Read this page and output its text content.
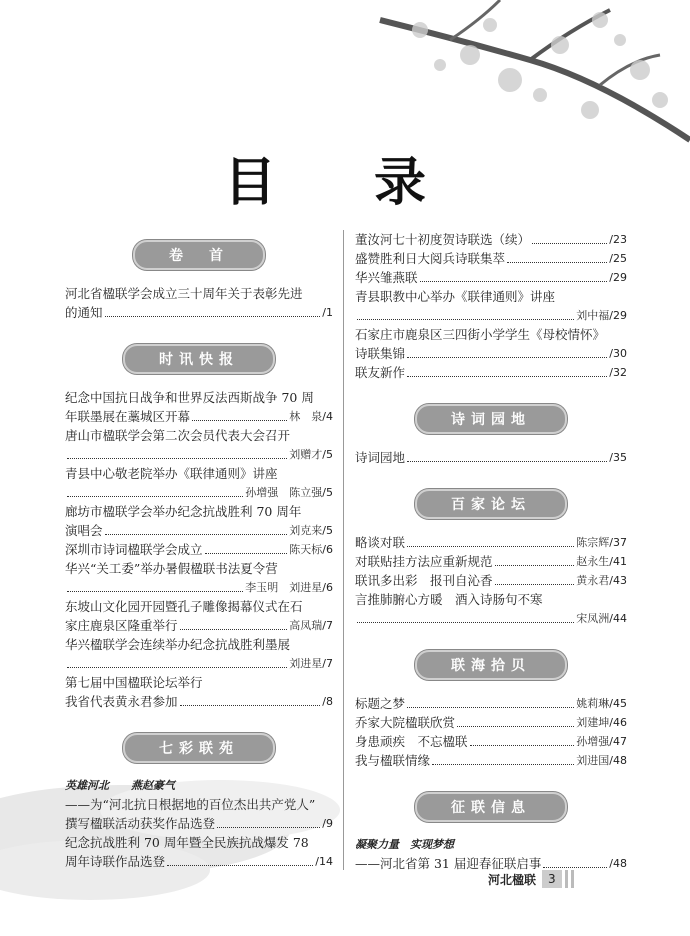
目 录
卷　首
河北省楹联学会成立三十周年关于表彰先进
的通知	/1
时讯快报
纪念中国抗日战争和世界反法西斯战争 70 周
年联墨展在藁城区开幕	林　泉 /4
唐山市楹联学会第二次会员代表大会召开
刘赠才 /5
青县中心敬老院举办《联律通则》讲座
孙增强　陈立强 /5
廊坊市楹联学会举办纪念抗战胜利 70 周年
演唱会	刘克来 /5
深圳市诗词楹联学会成立	陈天标 /6
华兴“关工委”举办暑假楹联书法夏令营
李玉明　刘进星 /6
东坡山文化园开园暨孔子雕像揭幕仪式在石
家庄鹿泉区隆重举行	高凤瑞 /7
华兴楹联学会连续举办纪念抗战胜利墨展
刘进星 /7
第七届中国楹联论坛举行
我省代表黄永君参加	/8
七彩联苑
英雄河北　　燕赵豪气
——为“河北抗日根据地的百位杰出共产党人”
撰写楹联活动获奖作品选登	/9
纪念抗战胜利 70 周年暨全民族抗战爆发 78
周年诗联作品选登	/14
董汝河七十初度贺诗联选（续）	/23
盛赞胜利日大阅兵诗联集萃	/25
华兴雏燕联	/29
青县职教中心举办《联律通则》讲座
刘中福 /29
石家庄市鹿泉区三四街小学学生《母校情怀》
诗联集锦	/30
联友新作	/32
诗词园地
诗词园地	/35
百家论坛
略谈对联	陈宗辉 /37
对联贴挂方法应重新规范	赵永生 /41
联讯多出彩　报刊自沁香	黄永君 /43
言推肺腑心方暖　酒入诗肠句不寒
宋凤洲 /44
联海拾贝
标题之梦	姚莉琳 /45
乔家大院楹联欣赏	刘建坤 /46
身患顽疾　不忘楹联	孙增强 /47
我与楹联情缘	刘进国 /48
征联信息
凝聚力量　实现梦想
——河北省第 31 届迎春征联启事	/48
河北楹联	3
